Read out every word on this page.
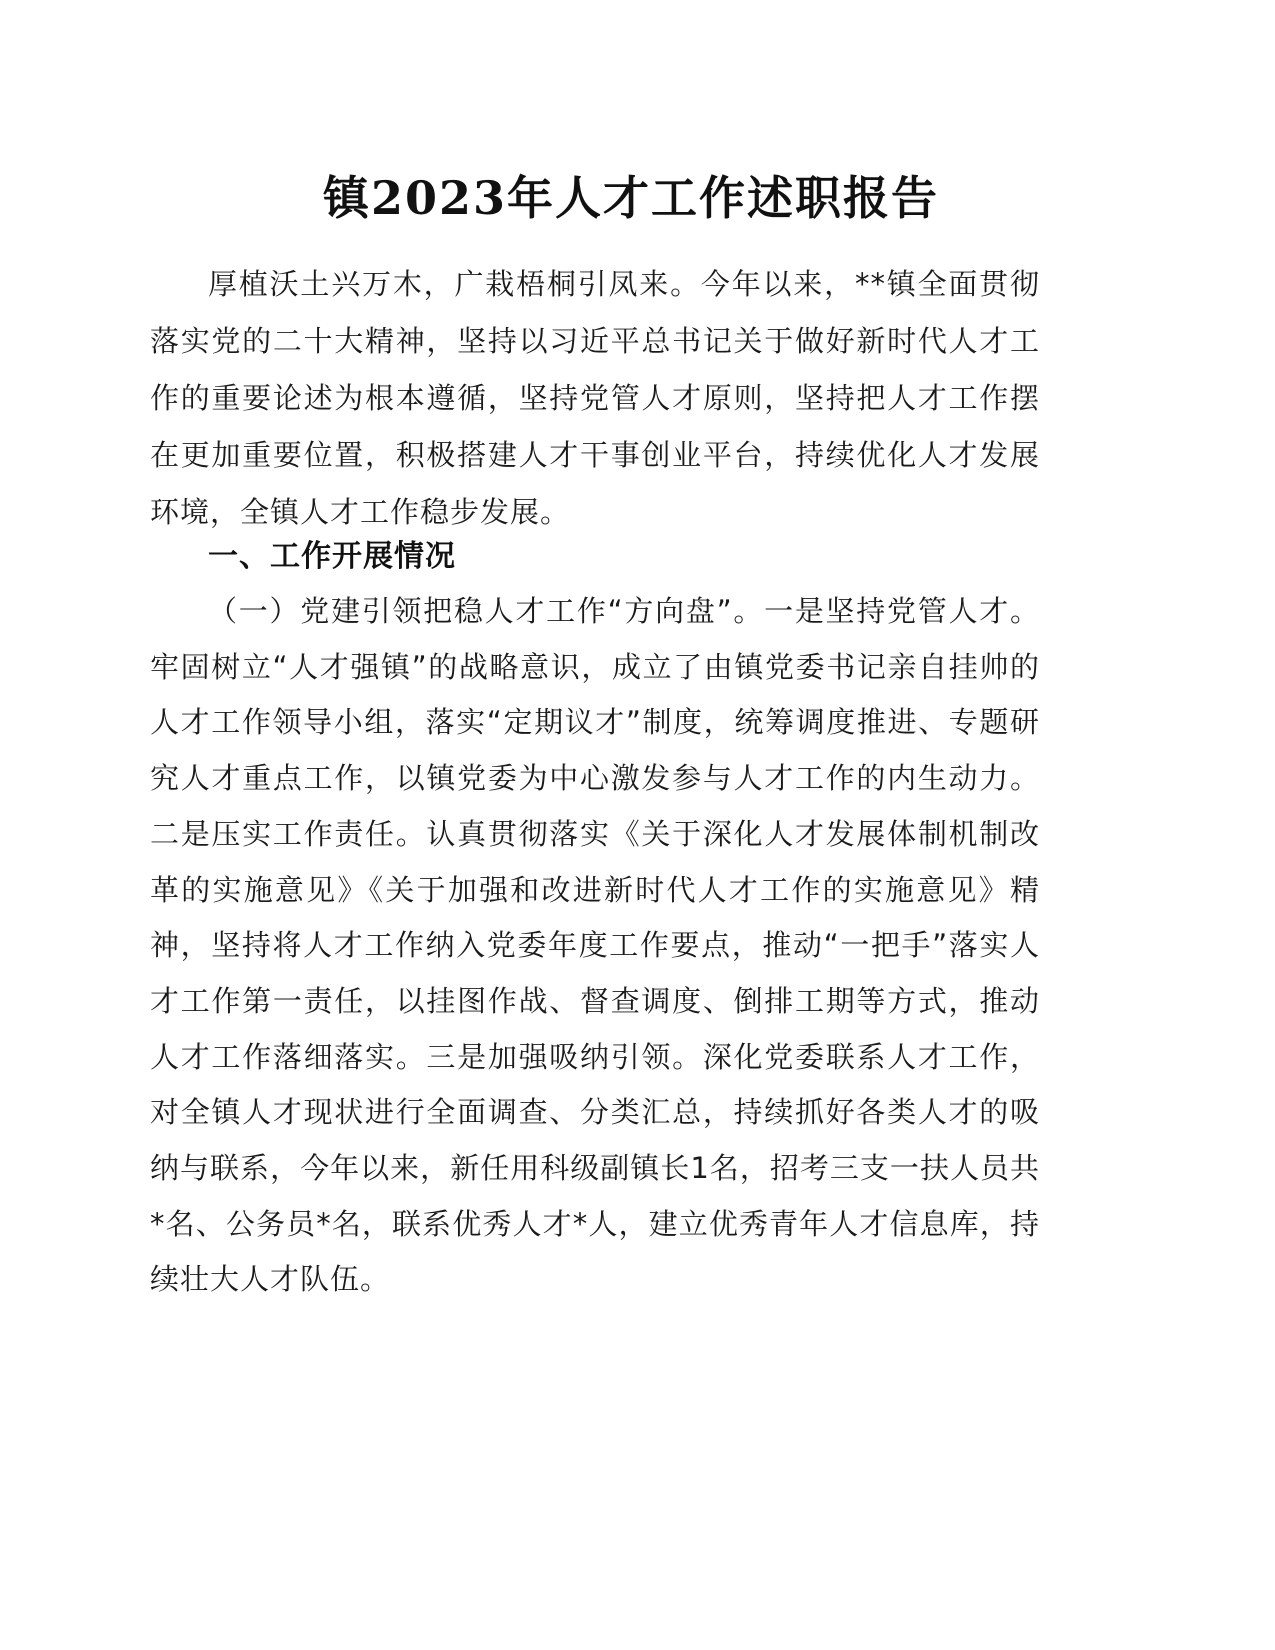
镇2023年人才工作述职报告
厚植沃土兴万木，广栽梧桐引凤来。今年以来，**镇全面贯彻落实党的二十大精神，坚持以习近平总书记关于做好新时代人才工作的重要论述为根本遵循，坚持党管人才原则，坚持把人才工作摆在更加重要位置，积极搭建人才干事创业平台，持续优化人才发展环境，全镇人才工作稳步发展。
一、工作开展情况
（一）党建引领把稳人才工作“方向盘”。一是坚持党管人才。牢固树立“人才强镇”的战略意识，成立了由镇党委书记亲自挂帅的人才工作领导小组，落实“定期议才”制度，统筹调度推进、专题研究人才重点工作，以镇党委为中心激发参与人才工作的内生动力。二是压实工作责任。认真贯彻落实《关于深化人才发展体制机制改革的实施意见》《关于加强和改进新时代人才工作的实施意见》精神，坚持将人才工作纳入党委年度工作要点，推动“一把手”落实人才工作第一责任，以挂图作战、督查调度、倒排工期等方式，推动人才工作落细落实。三是加强吸纳引领。深化党委联系人才工作，对全镇人才现状进行全面调查、分类汇总，持续抓好各类人才的吸纳与联系，今年以来，新任用科级副镇长1名，招考三支一扶人员共*名、公务员*名，联系优秀人才*人，建立优秀青年人才信息库，持续壮大人才队伍。
